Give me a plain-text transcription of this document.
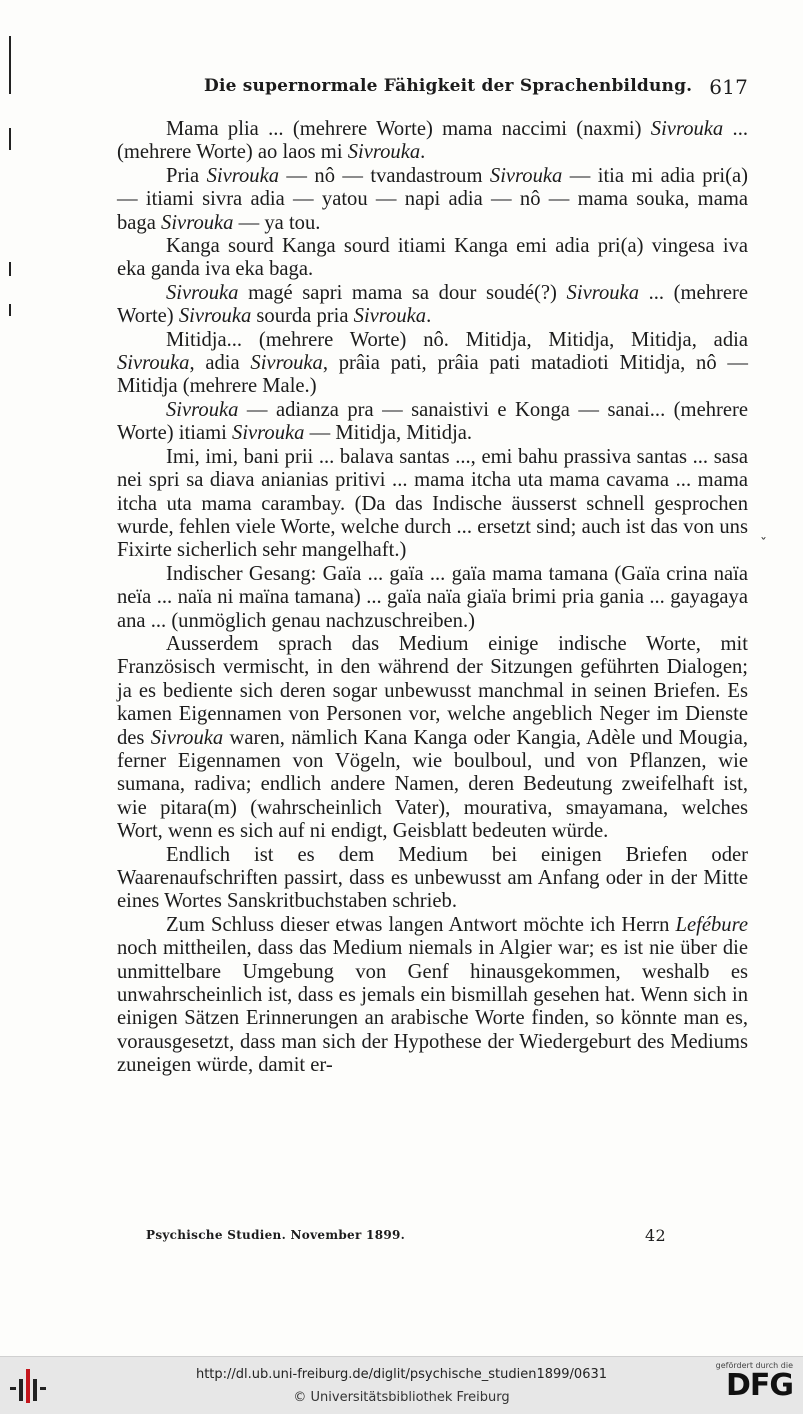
Die supernormale Fähigkeit der Sprachenbildung. 617

Mama plia ... (mehrere Worte) mama naccimi (naxmi) Sivrouka ... (mehrere Worte) ao laos mi Sivrouka.

Pria Sivrouka — nô — tvandastroum Sivrouka — itia mi adia pri(a) — itiami sivra adia — yatou — napi adia — nô — mama souka, mama baga Sivrouka — ya tou.

Kanga sourd Kanga sourd itiami Kanga emi adia pri(a) vingesa iva eka ganda iva eka baga.

Sivrouka magé sapri mama sa dour soudé(?) Sivrouka ... (mehrere Worte) Sivrouka sourda pria Sivrouka.

Mitidja... (mehrere Worte) nô. Mitidja, Mitidja, Mitidja, adia Sivrouka, adia Sivrouka, prâia pati, prâia pati matadioti Mitidja, nô — Mitidja (mehrere Male.)

Sivrouka — adianza pra — sanaistivi e Konga — sanai... (mehrere Worte) itiami Sivrouka — Mitidja, Mitidja.

Imi, imi, bani prii ... balava santas ..., emi bahu prassiva santas ... sasa nei spri sa diava anianias pritivi ... mama itcha uta mama cavama ... mama itcha uta mama carambay. (Da das Indische äusserst schnell gesprochen wurde, fehlen viele Worte, welche durch ... ersetzt sind; auch ist das von uns Fixirte sicherlich sehr mangelhaft.)

Indischer Gesang: Gaïa ... gaïa ... gaïa mama tamana (Gaïa crina naïa neïa ... naïa ni maïna tamana) ... gaïa naïa giaïa brimi pria gania ... gayagaya ana ... (unmöglich genau nachzuschreiben.)

Ausserdem sprach das Medium einige indische Worte, mit Französisch vermischt, in den während der Sitzungen geführten Dialogen; ja es bediente sich deren sogar unbewusst manchmal in seinen Briefen. Es kamen Eigennamen von Personen vor, welche angeblich Neger im Dienste des Sivrouka waren, nämlich Kana Kanga oder Kangia, Adèle und Mougia, ferner Eigennamen von Vögeln, wie boulboul, und von Pflanzen, wie sumana, radiva; endlich andere Namen, deren Bedeutung zweifelhaft ist, wie pitara(m) (wahrscheinlich Vater), mourativa, smayamana, welches Wort, wenn es sich auf ni endigt, Geisblatt bedeuten würde.

Endlich ist es dem Medium bei einigen Briefen oder Waarenaufschriften passirt, dass es unbewusst am Anfang oder in der Mitte eines Wortes Sanskritbuchstaben schrieb.

Zum Schluss dieser etwas langen Antwort möchte ich Herrn Lefébure noch mittheilen, dass das Medium niemals in Algier war; es ist nie über die unmittelbare Umgebung von Genf hinausgekommen, weshalb es unwahrscheinlich ist, dass es jemals ein bismillah gesehen hat. Wenn sich in einigen Sätzen Erinnerungen an arabische Worte finden, so könnte man es, vorausgesetzt, dass man sich der Hypothese der Wiedergeburt des Mediums zuneigen würde, damit er-

ˇ
Psychische Studien. November 1899.	42
http://dl.ub.uni-freiburg.de/diglit/psychische_studien1899/0631
© Universitätsbibliothek Freiburg
gefördert durch die
DFG
